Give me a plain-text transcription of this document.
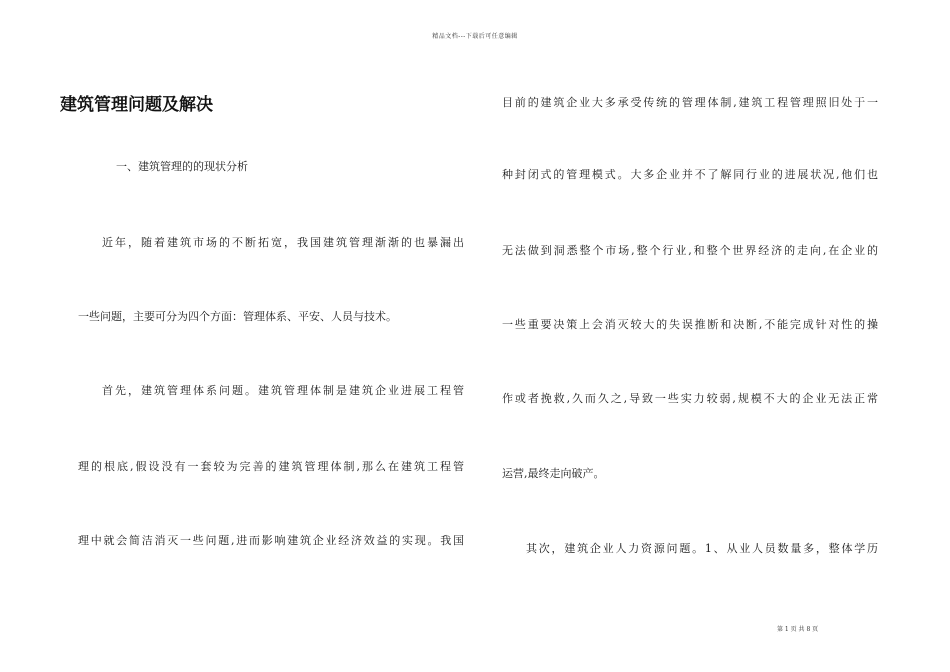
精品文档---下载后可任意编辑
建筑管理问题及解决
一、建筑管理的的现状分析
近年，随着建筑市场的不断拓宽，我国建筑管理渐渐的也暴漏出
一些问题，主要可分为四个方面：管理体系、平安、人员与技术。
首先，建筑管理体系问题。建筑管理体制是建筑企业进展工程管
理的根底,假设没有一套较为完善的建筑管理体制,那么在建筑工程管
理中就会简洁消灭一些问题,进而影响建筑企业经济效益的实现。我国
目前的建筑企业大多承受传统的管理体制,建筑工程管理照旧处于一
种封闭式的管理模式。大多企业并不了解同行业的进展状况,他们也
无法做到洞悉整个市场,整个行业,和整个世界经济的走向,在企业的
一些重要决策上会消灭较大的失误推断和决断,不能完成针对性的操
作或者挽救,久而久之,导致一些实力较弱,规模不大的企业无法正常
运营,最终走向破产。
其次，建筑企业人力资源问题。1、从业人员数量多，整体学历
第 1 页 共 8 页
